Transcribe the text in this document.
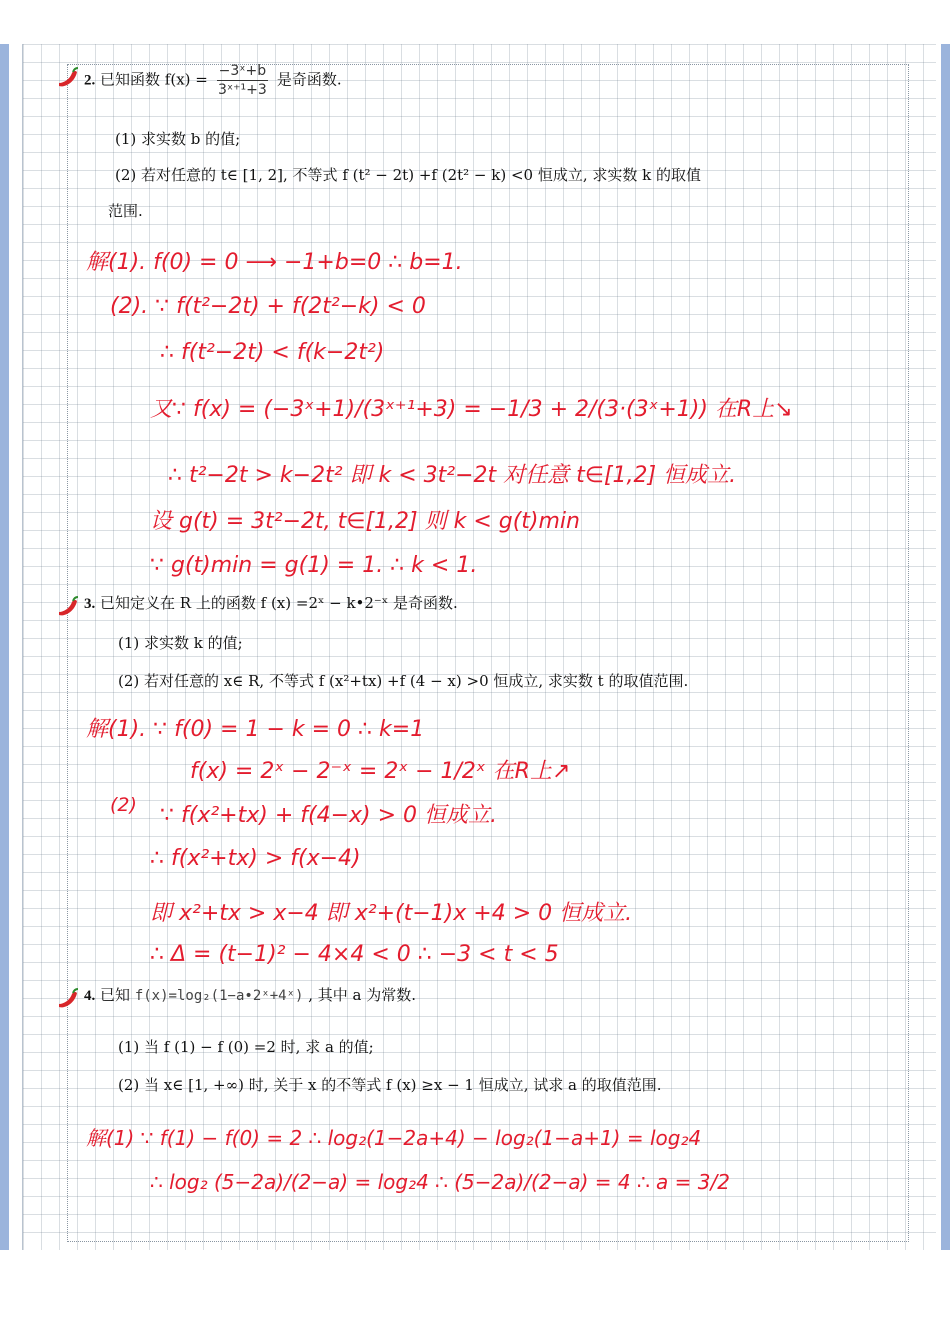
2. 已知函数 $f(x) = \frac{\text{−3ˣ+b}}{\text{3ˣ⁺¹+3}}$ 是奇函数.
(1) 求实数 b 的值;
(2) 若对任意的 t∈ [1, 2], 不等式 f (t² − 2t) +f (2t² − k) <0 恒成立, 求实数 k 的取值
范围.
解(1). f(0) = 0 ⟶ −1+b=0 ∴ b=1.
(2). ∵ f(t²−2t) + f(2t²−k) < 0
∴ f(t²−2t) < f(k−2t²)
又∵ f(x) = (−3ˣ+1)/(3ˣ⁺¹+3) = −1/3 + 2/(3·(3ˣ+1)) 在R上↘
∴ t²−2t > k−2t² 即 k < 3t²−2t 对任意 t∈[1,2] 恒成立.
设 g(t) = 3t²−2t, t∈[1,2] 则 k < g(t)min
∵ g(t)min = g(1) = 1. ∴ k < 1.
3. 已知定义在 R 上的函数 f (x) =2ˣ − k•2⁻ˣ 是奇函数.
(1) 求实数 k 的值;
(2) 若对任意的 x∈ R, 不等式 f (x²+tx) +f (4 − x) >0 恒成立, 求实数 t 的取值范围.
解(1). ∵ f(0) = 1 − k = 0 ∴ k=1
f(x) = 2ˣ − 2⁻ˣ = 2ˣ − 1/2ˣ 在R上↗
(2) ∵ f(x²+tx) + f(4−x) > 0 恒成立.
∴ f(x²+tx) > f(x−4)
即 x²+tx > x−4 即 x²+(t−1)x +4 > 0 恒成立.
∴ Δ = (t−1)² − 4×4 < 0 ∴ −3 < t < 5
4. 已知 f(x)=log₂(1−a•2ˣ+4ˣ) , 其中 a 为常数.
(1) 当 f (1) − f (0) =2 时, 求 a 的值;
(2) 当 x∈ [1, +∞) 时, 关于 x 的不等式 f (x) ≥x − 1 恒成立, 试求 a 的取值范围.
解(1) ∵ f(1) − f(0) = 2 ∴ log₂(1−2a+4) − log₂(1−a+1) = log₂4
∴ log₂ (5−2a)/(2−a) = log₂4 ∴ (5−2a)/(2−a) = 4 ∴ a = 3/2
